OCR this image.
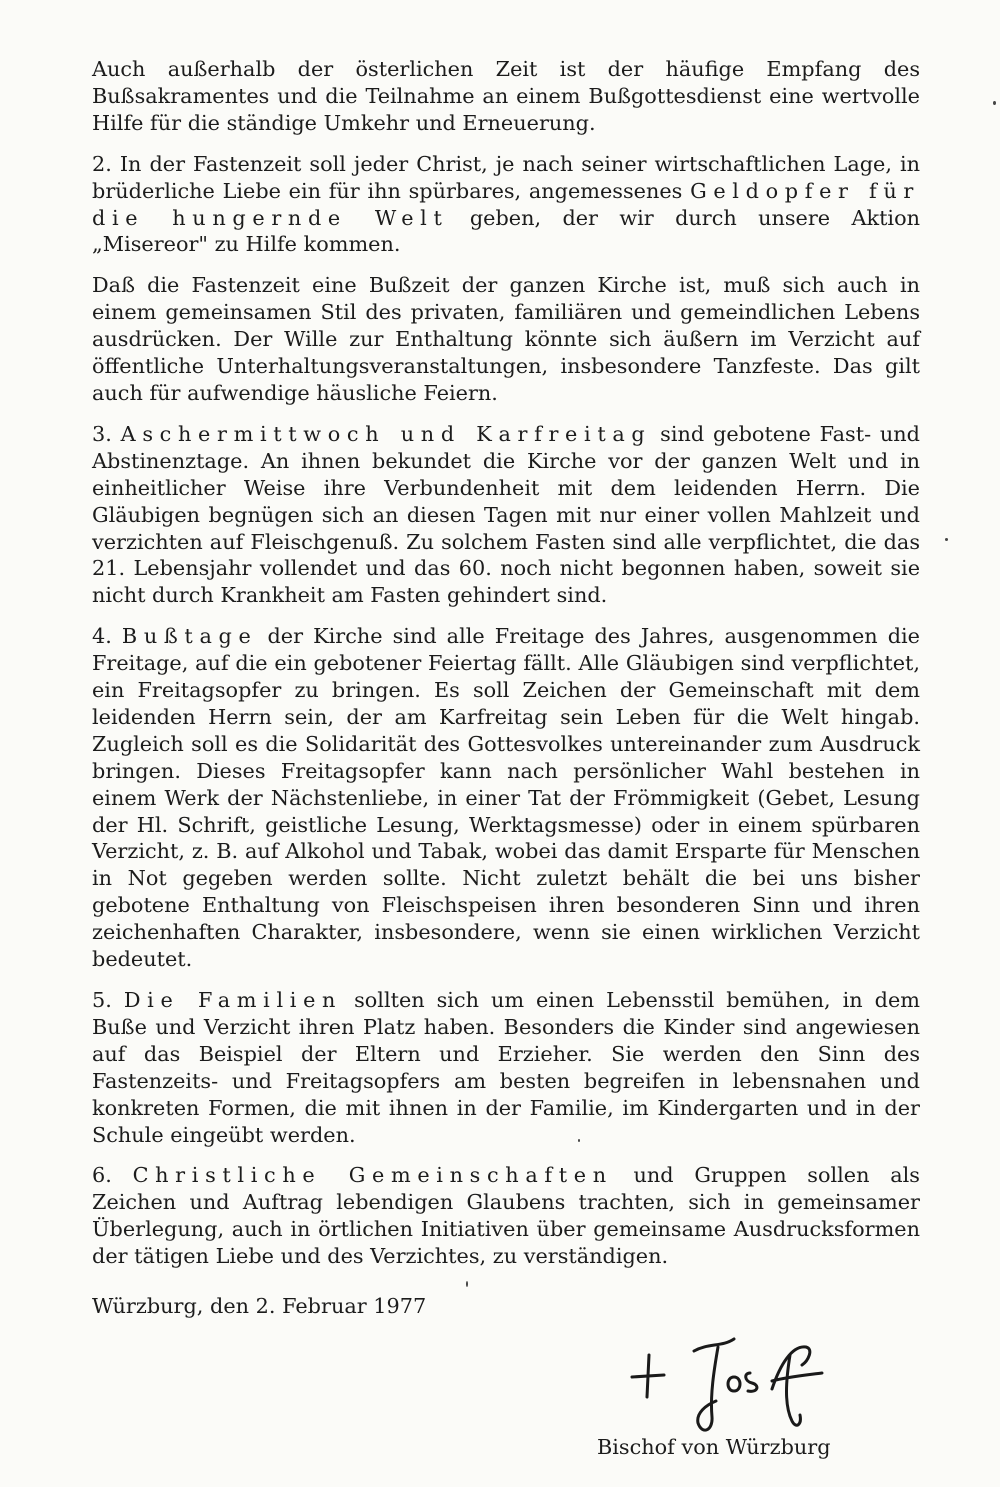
Auch außerhalb der österlichen Zeit ist der häufige Empfang des Bußsakramentes und die Teilnahme an einem Bußgottesdienst eine wertvolle Hilfe für die ständige Umkehr und Erneuerung.

2. In der Fastenzeit soll jeder Christ, je nach seiner wirtschaftlichen Lage, in brüderliche Liebe ein für ihn spürbares, angemessenes Geldopfer für die hungernde Welt geben, der wir durch unsere Aktion „Misereor" zu Hilfe kommen.

Daß die Fastenzeit eine Bußzeit der ganzen Kirche ist, muß sich auch in einem gemeinsamen Stil des privaten, familiären und gemeindlichen Lebens ausdrücken. Der Wille zur Enthaltung könnte sich äußern im Verzicht auf öffentliche Unterhaltungsveranstaltungen, insbesondere Tanzfeste. Das gilt auch für aufwendige häusliche Feiern.

3. Aschermittwoch und Karfreitag sind gebotene Fast- und Abstinenztage. An ihnen bekundet die Kirche vor der ganzen Welt und in einheitlicher Weise ihre Verbundenheit mit dem leidenden Herrn. Die Gläubigen begnügen sich an diesen Tagen mit nur einer vollen Mahlzeit und verzichten auf Fleischgenuß. Zu solchem Fasten sind alle verpflichtet, die das 21. Lebensjahr vollendet und das 60. noch nicht begonnen haben, soweit sie nicht durch Krankheit am Fasten gehindert sind.

4. Bußtage der Kirche sind alle Freitage des Jahres, ausgenommen die Freitage, auf die ein gebotener Feiertag fällt. Alle Gläubigen sind verpflichtet, ein Freitagsopfer zu bringen. Es soll Zeichen der Gemeinschaft mit dem leidenden Herrn sein, der am Karfreitag sein Leben für die Welt hingab. Zugleich soll es die Solidarität des Gottesvolkes untereinander zum Ausdruck bringen. Dieses Freitagsopfer kann nach persönlicher Wahl bestehen in einem Werk der Nächstenliebe, in einer Tat der Frömmigkeit (Gebet, Lesung der Hl. Schrift, geistliche Lesung, Werktagsmesse) oder in einem spürbaren Verzicht, z. B. auf Alkohol und Tabak, wobei das damit Ersparte für Menschen in Not gegeben werden sollte. Nicht zuletzt behält die bei uns bisher gebotene Enthaltung von Fleischspeisen ihren besonderen Sinn und ihren zeichenhaften Charakter, insbesondere, wenn sie einen wirklichen Verzicht bedeutet.

5. Die Familien sollten sich um einen Lebensstil bemühen, in dem Buße und Verzicht ihren Platz haben. Besonders die Kinder sind angewiesen auf das Beispiel der Eltern und Erzieher. Sie werden den Sinn des Fastenzeits- und Freitagsopfers am besten begreifen in lebensnahen und konkreten Formen, die mit ihnen in der Familie, im Kindergarten und in der Schule eingeübt werden.

6. Christliche Gemeinschaften und Gruppen sollen als Zeichen und Auftrag lebendigen Glaubens trachten, sich in gemeinsamer Überlegung, auch in örtlichen Initiativen über gemeinsame Ausdrucksformen der tätigen Liebe und des Verzichtes, zu verständigen.

Würzburg, den 2. Februar 1977

Bischof von Würzburg
